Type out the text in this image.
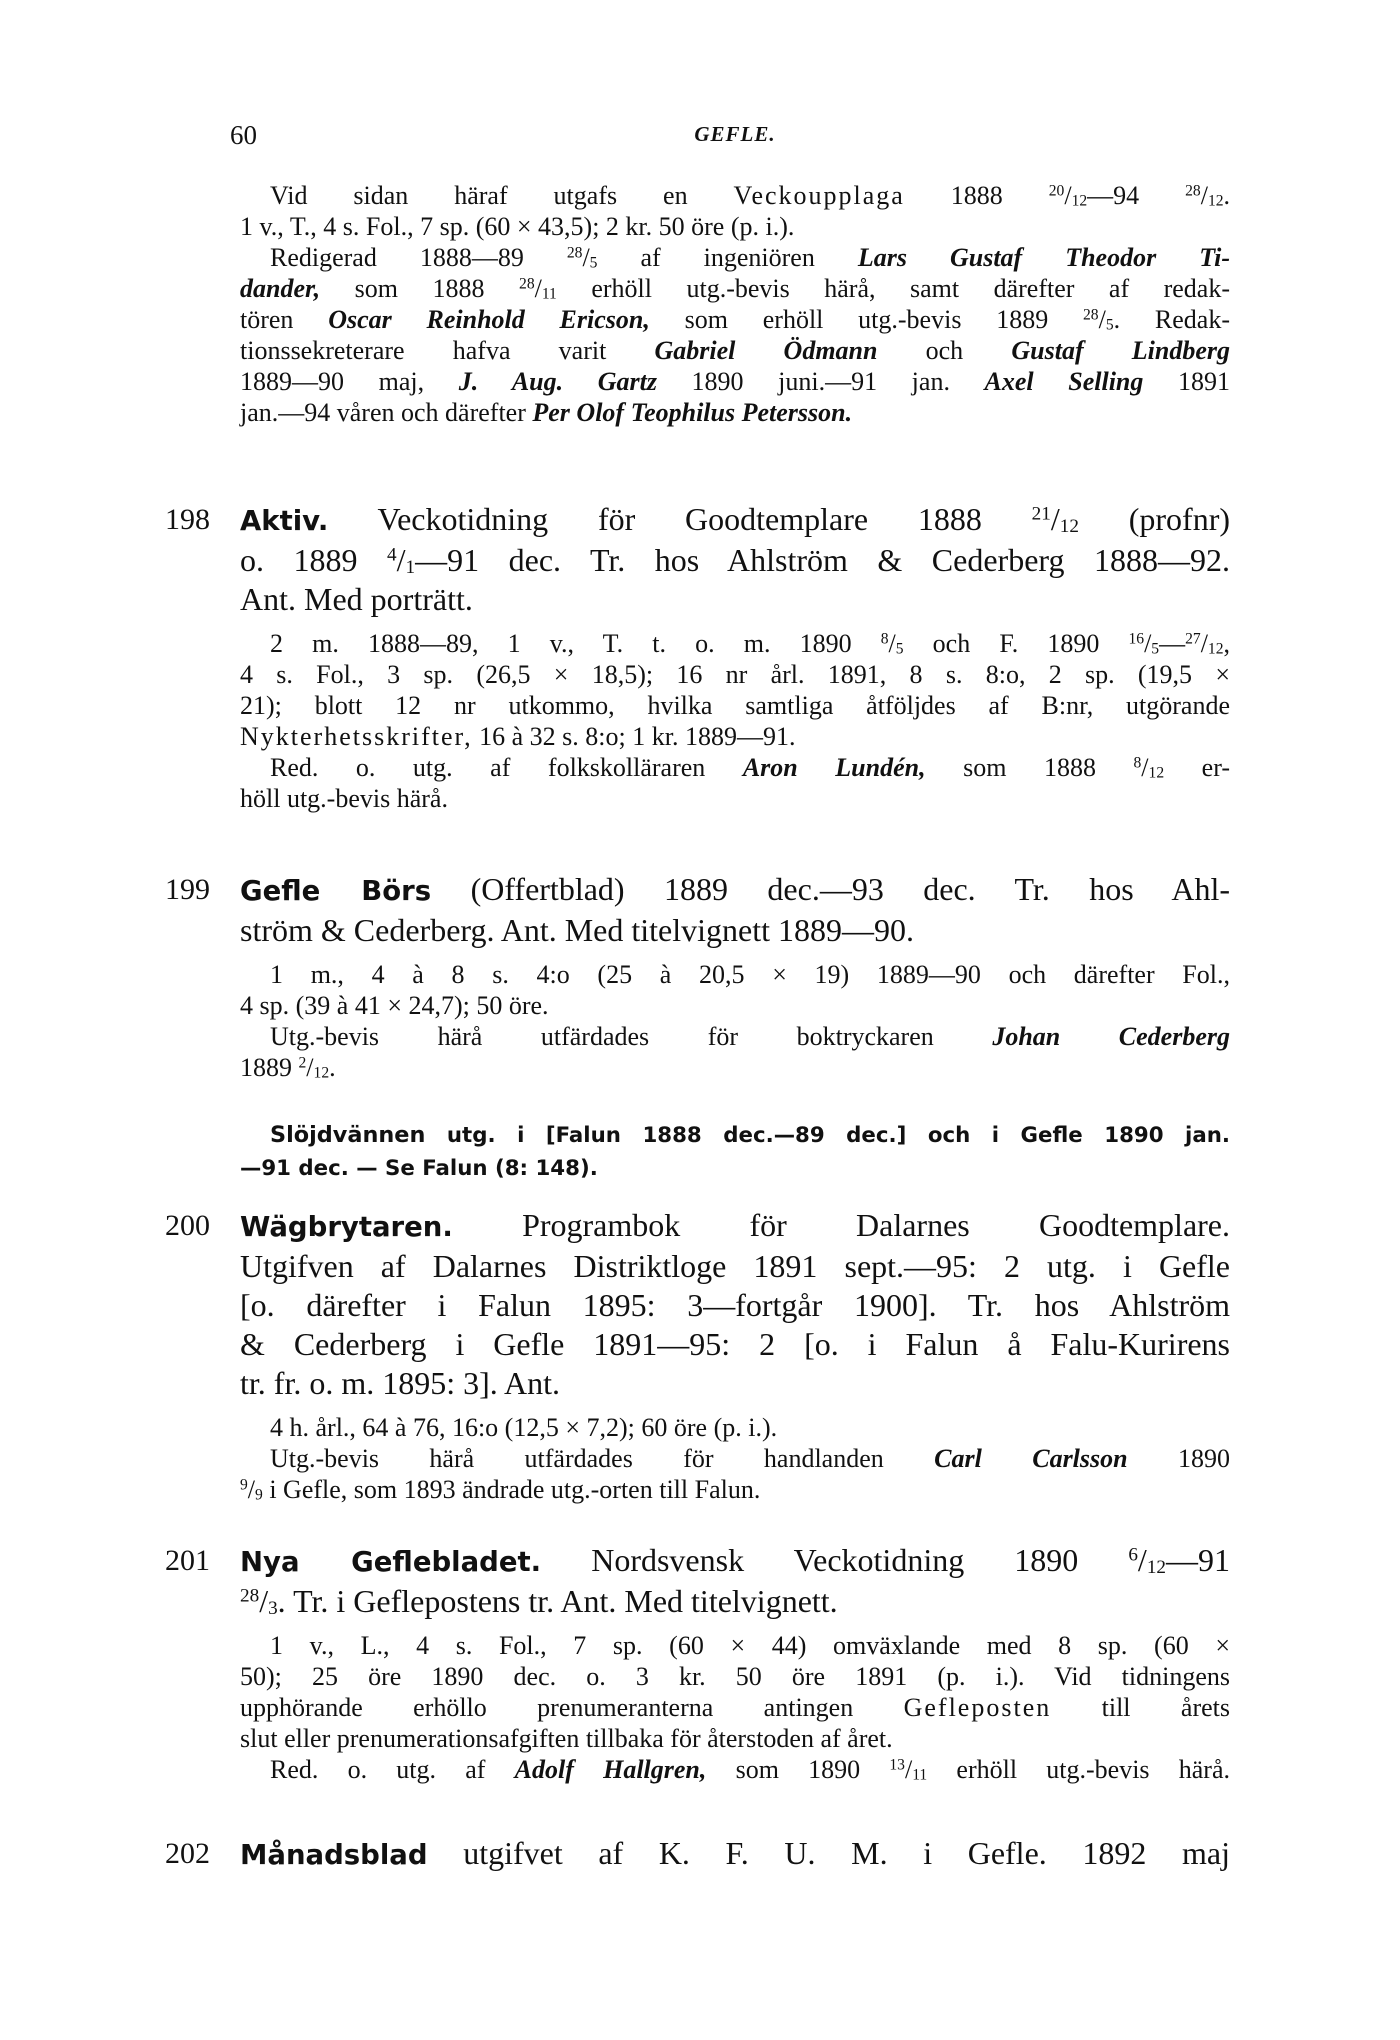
60	GEFLE.

Vid sidan häraf utgafs en Veckoupplaga 1888 $^{20}/_{12}—94$ $^{28}/_{12}$.

1 v., T., 4 s. Fol., 7 sp. (60 × 43,5); 2 kr. 50 öre (p. i.).

Redigerad 1888—89 $^{28}/_5$ af ingeniören Lars Gustaf Theodor Ti-

dander, som 1888 $^{28}/_{11}$ erhöll utg.-bevis härå, samt därefter af redak-

tören Oscar Reinhold Ericson, som erhöll utg.-bevis 1889 $^{28}/_5$. Redak-

tionssekreterare hafva varit Gabriel Ödmann och Gustaf Lindberg

1889—90 maj, J. Aug. Gartz 1890 juni.—91 jan. Axel Selling 1891

jan.—94 våren och därefter Per Olof Teophilus Petersson.

198 Aktiv. Veckotidning för Goodtemplare 1888 $^{21}/_{12}$ (profnr)

o. 1889 $^4/_1—91$ dec. Tr. hos Ahlström & Cederberg 1888—92.

Ant. Med porträtt.

2 m. 1888—89, 1 v., T. t. o. m. 1890 $^8/_5$ och F. 1890 $^{16}/_5—^{27}/_{12}$,

4 s. Fol., 3 sp. (26,5 × 18,5); 16 nr årl. 1891, 8 s. 8:o, 2 sp. (19,5 ×

21); blott 12 nr utkommo, hvilka samtliga åtföljdes af B:nr, utgörande

Nykterhetsskrifter, 16 à 32 s. 8:o; 1 kr. 1889—91.

Red. o. utg. af folkskolläraren Aron Lundén, som 1888 $^8/_{12}$ er-

höll utg.-bevis härå.

199 Gefle Börs (Offertblad) 1889 dec.—93 dec. Tr. hos Ahl-

ström & Cederberg. Ant. Med titelvignett 1889—90.

1 m., 4 à 8 s. 4:o (25 à 20,5 × 19) 1889—90 och därefter Fol.,

4 sp. (39 à 41 × 24,7); 50 öre.

Utg.-bevis härå utfärdades för boktryckaren Johan Cederberg

1889 $^2/_{12}$.

Slöjdvännen utg. i [Falun 1888 dec.—89 dec.] och i Gefle 1890 jan.

—91 dec. — Se Falun (8: 148).

200 Wägbrytaren. Programbok för Dalarnes Goodtemplare.

Utgifven af Dalarnes Distriktloge 1891 sept.—95: 2 utg. i Gefle

[o. därefter i Falun 1895: 3—fortgår 1900]. Tr. hos Ahlström

& Cederberg i Gefle 1891—95: 2 [o. i Falun å Falu-Kurirens

tr. fr. o. m. 1895: 3]. Ant.

4 h. årl., 64 à 76, 16:o (12,5 × 7,2); 60 öre (p. i.).

Utg.-bevis härå utfärdades för handlanden Carl Carlsson 1890

$^9/_9$ i Gefle, som 1893 ändrade utg.-orten till Falun.

201 Nya Geflebladet. Nordsvensk Veckotidning 1890 $^6/_{12}—91$

$^{28}/_3$. Tr. i Geflepostens tr. Ant. Med titelvignett.

1 v., L., 4 s. Fol., 7 sp. (60 × 44) omväxlande med 8 sp. (60 ×

50); 25 öre 1890 dec. o. 3 kr. 50 öre 1891 (p. i.). Vid tidningens

upphörande erhöllo prenumeranterna antingen Gefleposten till årets

slut eller prenumerationsafgiften tillbaka för återstoden af året.

Red. o. utg. af Adolf Hallgren, som 1890 $^{13}/_{11}$ erhöll utg.-bevis härå.

202 Månadsblad utgifvet af K. F. U. M. i Gefle. 1892 maj
